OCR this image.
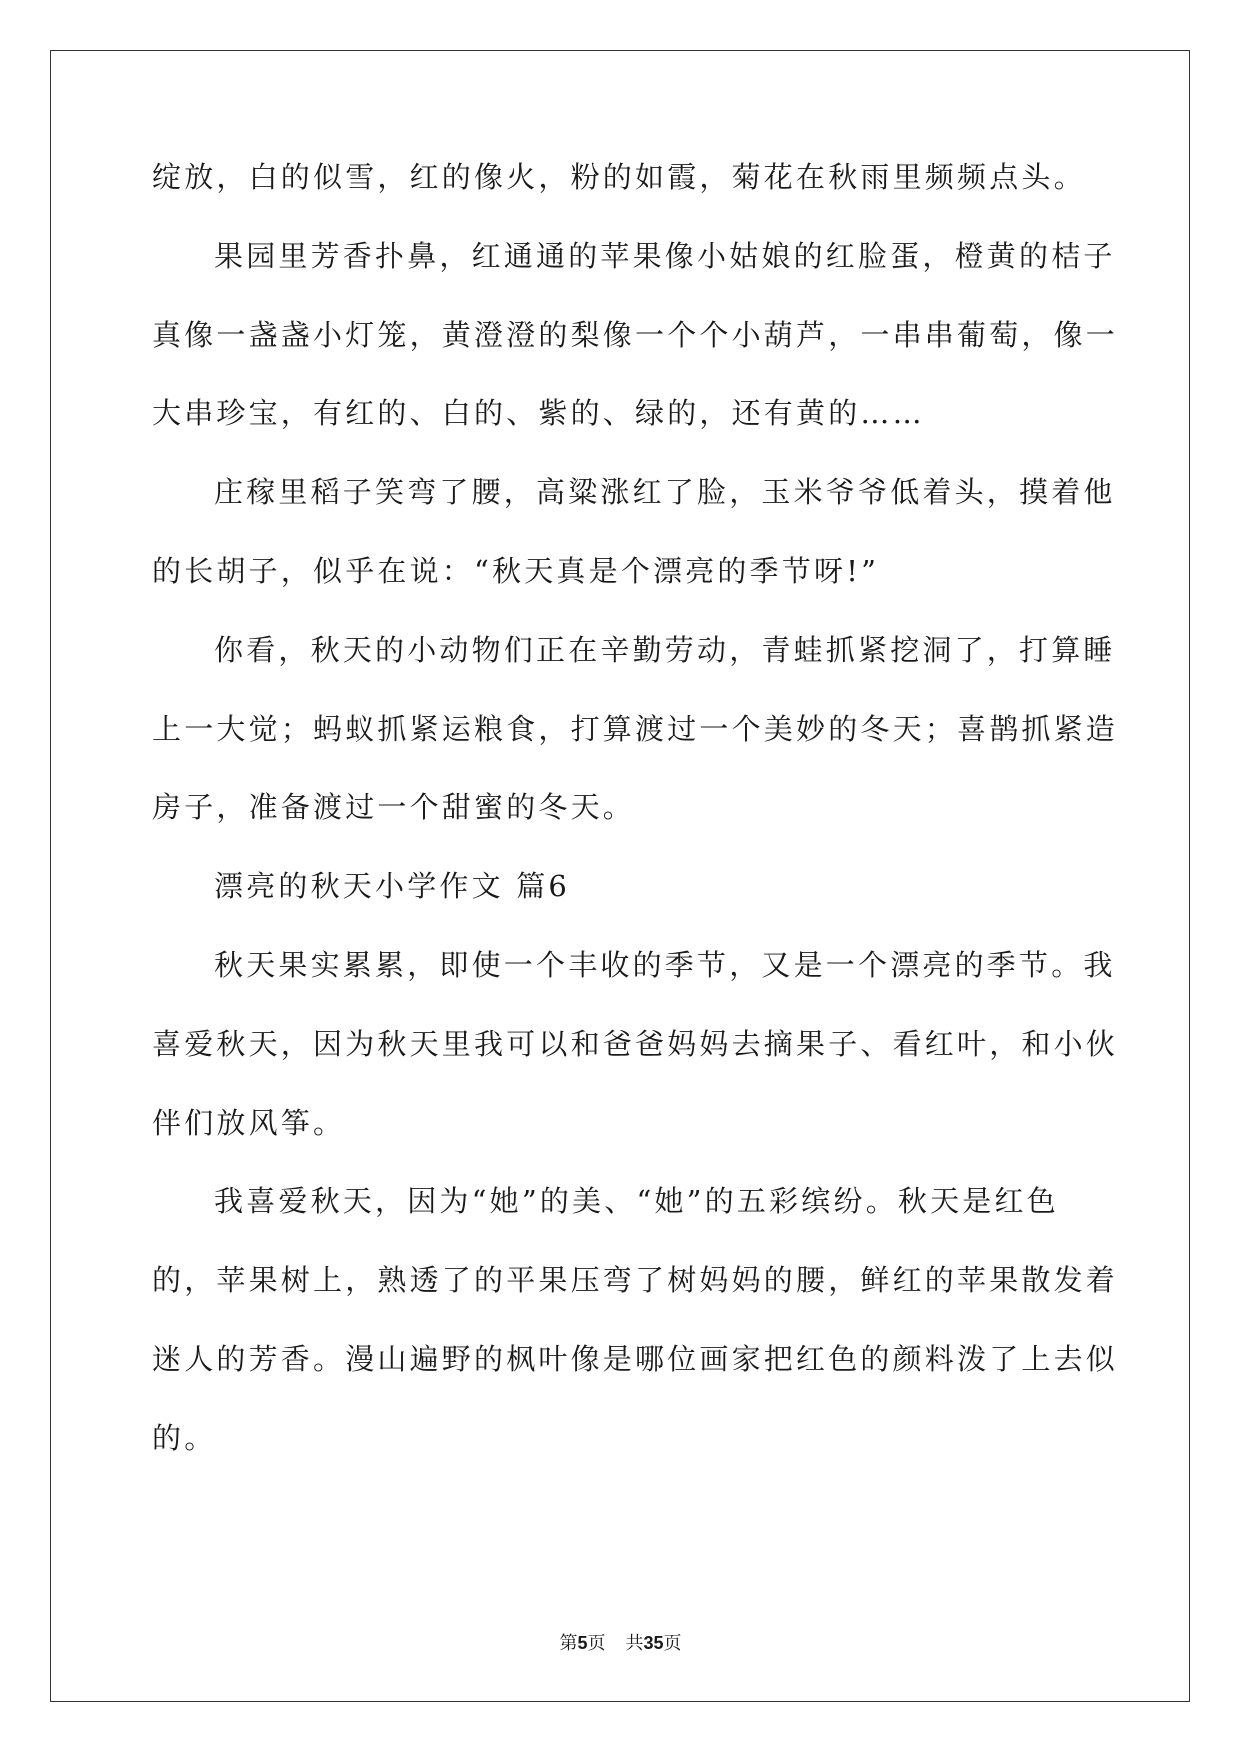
绽放，白的似雪，红的像火，粉的如霞，菊花在秋雨里频频点头。

果园里芳香扑鼻，红通通的苹果像小姑娘的红脸蛋，橙黄的桔子

真像一盏盏小灯笼，黄澄澄的梨像一个个小葫芦，一串串葡萄，像一

大串珍宝，有红的、白的、紫的、绿的，还有黄的……

庄稼里稻子笑弯了腰，高粱涨红了脸，玉米爷爷低着头，摸着他

的长胡子，似乎在说：“秋天真是个漂亮的季节呀!”

你看，秋天的小动物们正在辛勤劳动，青蛙抓紧挖洞了，打算睡

上一大觉；蚂蚁抓紧运粮食，打算渡过一个美妙的冬天；喜鹊抓紧造

房子，准备渡过一个甜蜜的冬天。

漂亮的秋天小学作文 篇6

秋天果实累累，即使一个丰收的季节，又是一个漂亮的季节。我

喜爱秋天，因为秋天里我可以和爸爸妈妈去摘果子、看红叶，和小伙

伴们放风筝。

我喜爱秋天，因为“她”的美、“她”的五彩缤纷。秋天是红色

的，苹果树上，熟透了的平果压弯了树妈妈的腰，鲜红的苹果散发着

迷人的芳香。漫山遍野的枫叶像是哪位画家把红色的颜料泼了上去似

的。

第5页 共35页
